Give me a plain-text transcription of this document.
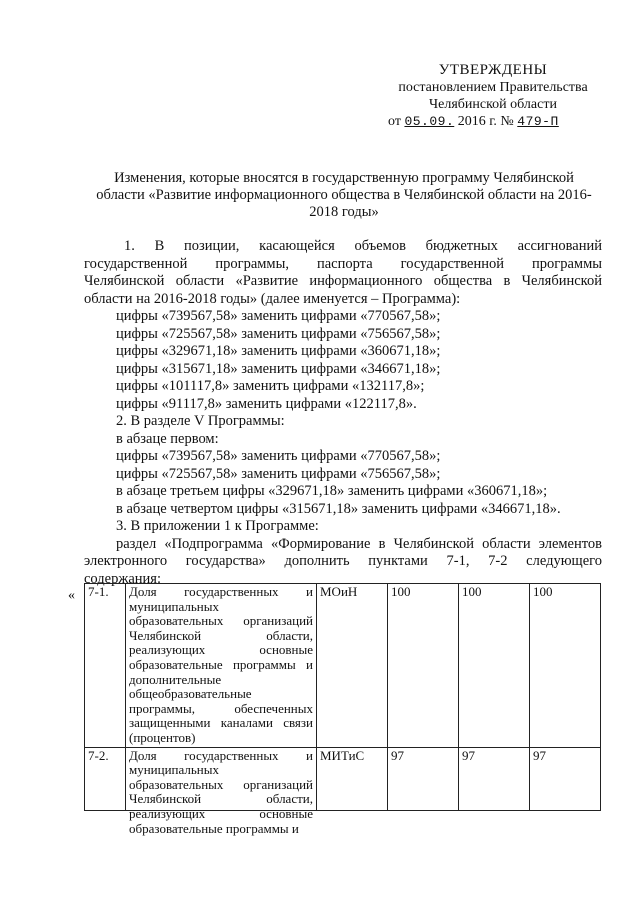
УТВЕРЖДЕНЫ
постановлением Правительства
Челябинской области
от 05.09. 2016 г. № 479-П
Изменения, которые вносятся в государственную программу Челябинской
области «Развитие информационного общества в Челябинской области на 2016-
2018 годы»
1. В позиции, касающейся объемов бюджетных ассигнований
государственной программы, паспорта государственной программы
Челябинской области «Развитие информационного общества в Челябинской
области на 2016-2018 годы» (далее именуется – Программа):
цифры «739567,58» заменить цифрами «770567,58»;
цифры «725567,58» заменить цифрами «756567,58»;
цифры «329671,18» заменить цифрами «360671,18»;
цифры «315671,18» заменить цифрами «346671,18»;
цифры «101117,8» заменить цифрами «132117,8»;
цифры «91117,8» заменить цифрами «122117,8».
2. В разделе V Программы:
в абзаце первом:
цифры «739567,58» заменить цифрами «770567,58»;
цифры «725567,58» заменить цифрами «756567,58»;
в абзаце третьем цифры «329671,18» заменить цифрами «360671,18»;
в абзаце четвертом цифры «315671,18» заменить цифрами «346671,18».
3. В приложении 1 к Программе:
раздел «Подпрограмма «Формирование в Челябинской области элементов
электронного государства» дополнить пунктами 7-1, 7-2 следующего
содержания:
« 7-1.	Доля государственных и муниципальных образовательных организаций Челябинской области, реализующих основные образовательные программы и дополнительные общеобразовательные программы, обеспеченных защищенными каналами связи (процентов)	МОиН	100	100	100
7-2.	Доля государственных и муниципальных образовательных организаций Челябинской области, реализующих основные образовательные программы и	МИТиС	97	97	97
